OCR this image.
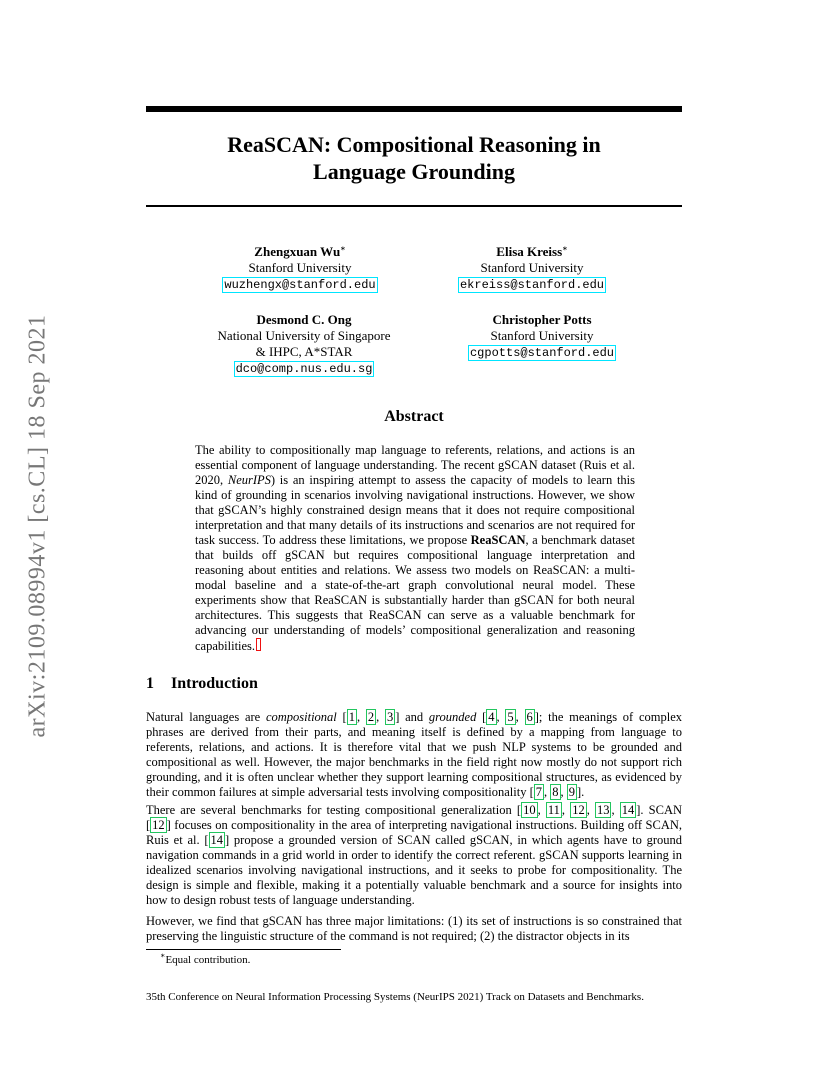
ReaSCAN: Compositional Reasoning in
Language Grounding
arXiv:2109.08994v1 [cs.CL] 18 Sep 2021
Zhengxuan Wu∗
Stanford University
wuzhengx@stanford.edu
Elisa Kreiss∗
Stanford University
ekreiss@stanford.edu
Desmond C. Ong
National University of Singapore
& IHPC, A*STAR
dco@comp.nus.edu.sg
Christopher Potts
Stanford University
cgpotts@stanford.edu
Abstract
The ability to compositionally map language to referents, relations, and actions is an essential component of language understanding. The recent gSCAN dataset (Ruis et al. 2020, NeurIPS) is an inspiring attempt to assess the capacity of models to learn this kind of grounding in scenarios involving navigational instructions. However, we show that gSCAN’s highly constrained design means that it does not require compositional interpretation and that many details of its instructions and scenarios are not required for task success. To address these limitations, we propose ReaSCAN, a benchmark dataset that builds off gSCAN but requires compositional language interpretation and reasoning about entities and relations. We assess two models on ReaSCAN: a multi-modal baseline and a state-of-the-art graph convolutional neural model. These experiments show that ReaSCAN is substantially harder than gSCAN for both neural architectures. This suggests that ReaSCAN can serve as a valuable benchmark for advancing our understanding of models’ compositional generalization and reasoning capabilities.
1 Introduction
Natural languages are compositional [ 1 , 2 , 3 ] and grounded [ 4 , 5 , 6 ]; the meanings of complex phrases are derived from their parts, and meaning itself is defined by a mapping from language to referents, relations, and actions. It is therefore vital that we push NLP systems to be grounded and compositional as well. However, the major benchmarks in the field right now mostly do not support rich grounding, and it is often unclear whether they support learning compositional structures, as evidenced by their common failures at simple adversarial tests involving compositionality [ 7 , 8 , 9 ].
There are several benchmarks for testing compositional generalization [ 10 , 11 , 12 , 13 , 14 ]. SCAN [ 12 ] focuses on compositionality in the area of interpreting navigational instructions. Building off SCAN, Ruis et al. [ 14 ] propose a grounded version of SCAN called gSCAN, in which agents have to ground navigation commands in a grid world in order to identify the correct referent. gSCAN supports learning in idealized scenarios involving navigational instructions, and it seeks to probe for compositionality. The design is simple and flexible, making it a potentially valuable benchmark and a source for insights into how to design robust tests of language understanding.
However, we find that gSCAN has three major limitations: (1) its set of instructions is so constrained that preserving the linguistic structure of the command is not required; (2) the distractor objects in its
∗Equal contribution.
35th Conference on Neural Information Processing Systems (NeurIPS 2021) Track on Datasets and Benchmarks.
